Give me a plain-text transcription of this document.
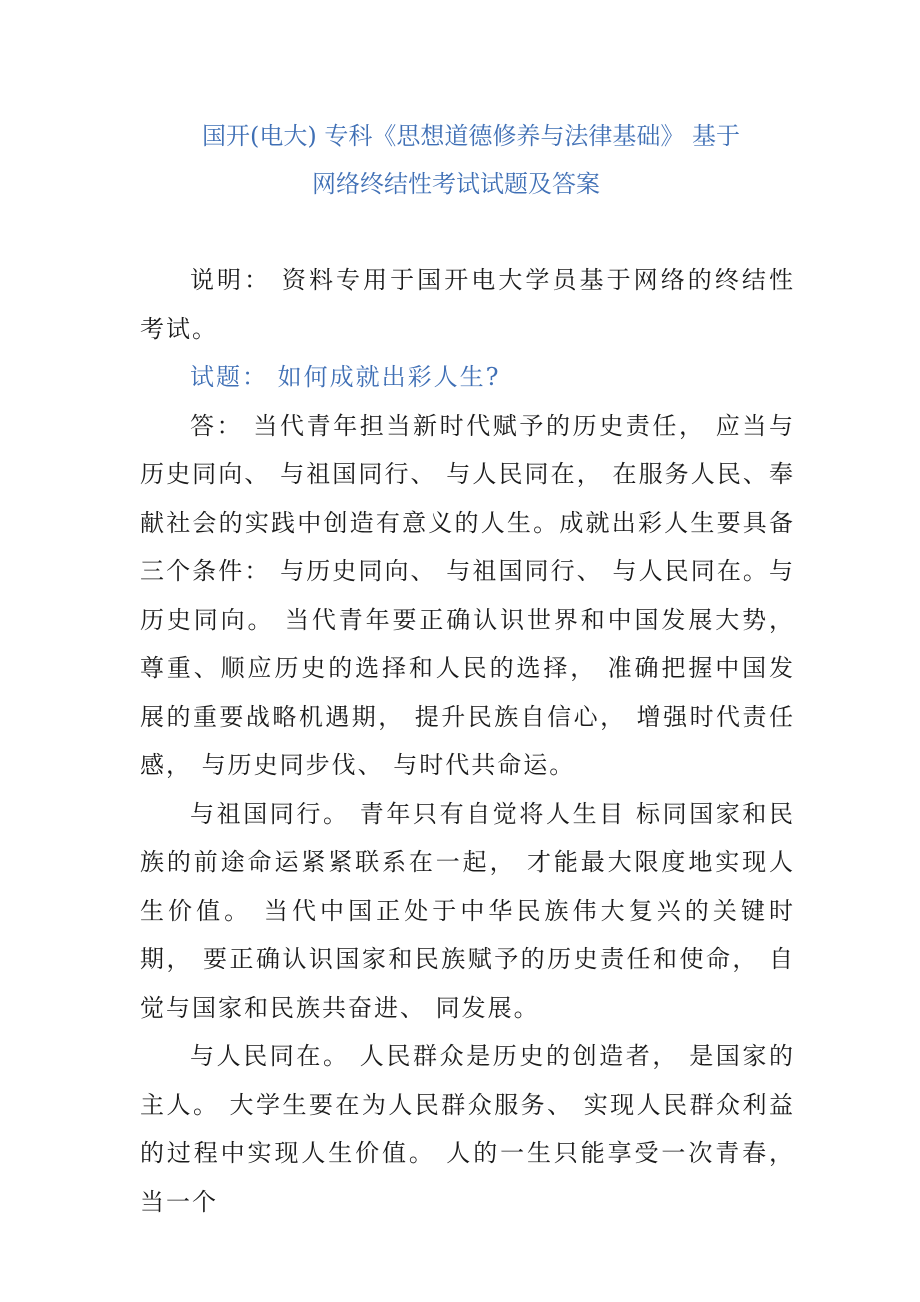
国开(电大) 专科《思想道德修养与法律基础》 基于
网络终结性考试试题及答案

说明： 资料专用于国开电大学员基于网络的终结性考试。

试题： 如何成就出彩人生?

答： 当代青年担当新时代赋予的历史责任， 应当与历史同向、 与祖国同行、 与人民同在， 在服务人民、奉献社会的实践中创造有意义的人生。成就出彩人生要具备三个条件： 与历史同向、 与祖国同行、 与人民同在。与历史同向。 当代青年要正确认识世界和中国发展大势， 尊重、顺应历史的选择和人民的选择， 准确把握中国发展的重要战略机遇期， 提升民族自信心， 增强时代责任感， 与历史同步伐、 与时代共命运。

与祖国同行。 青年只有自觉将人生目 标同国家和民族的前途命运紧紧联系在一起， 才能最大限度地实现人生价值。 当代中国正处于中华民族伟大复兴的关键时期， 要正确认识国家和民族赋予的历史责任和使命， 自觉与国家和民族共奋进、 同发展。

与人民同在。 人民群众是历史的创造者， 是国家的主人。 大学生要在为人民群众服务、 实现人民群众利益的过程中实现人生价值。 人的一生只能享受一次青春， 当一个
